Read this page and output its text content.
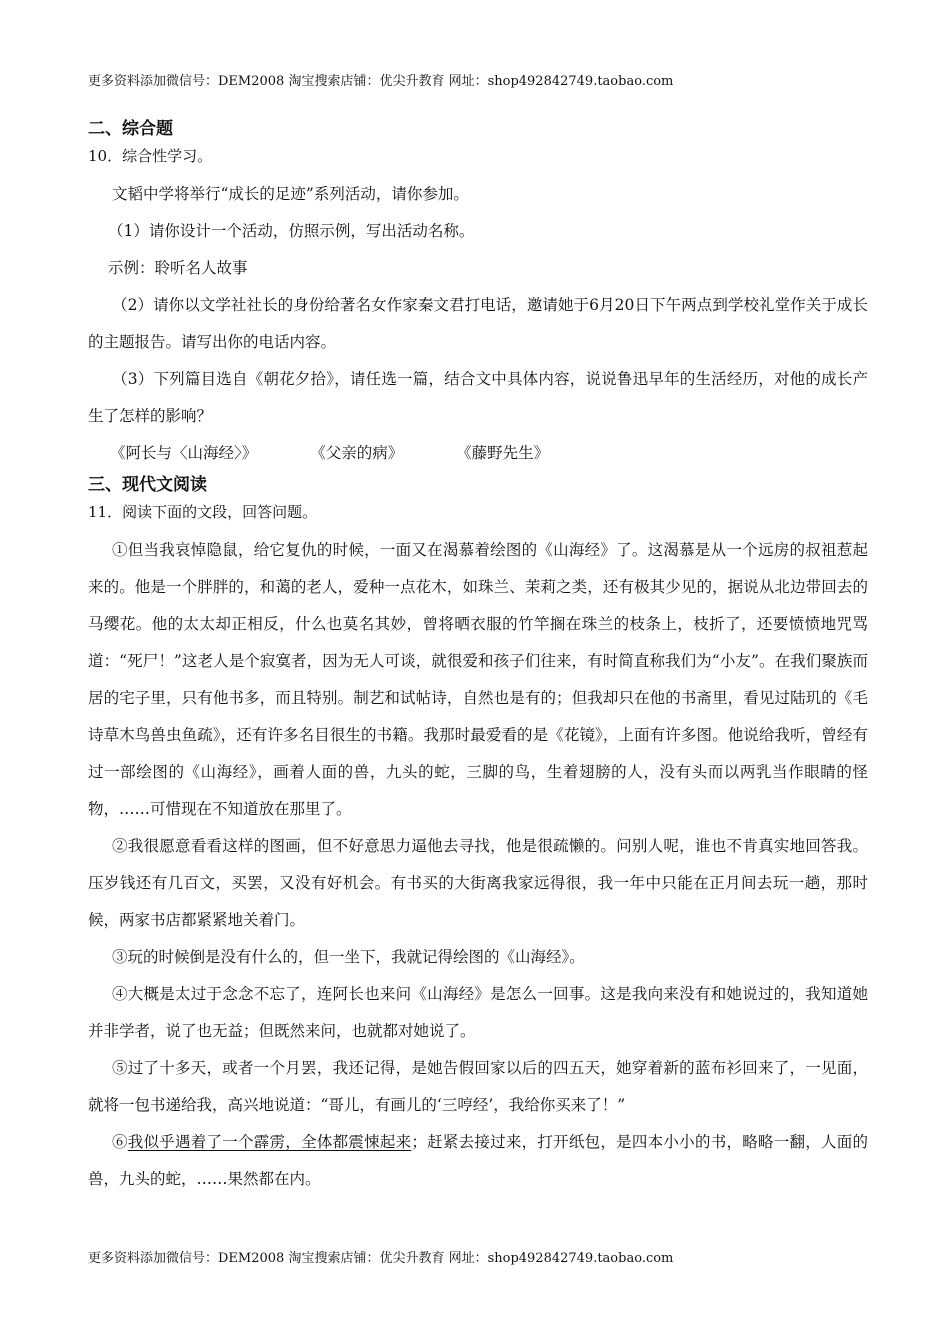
更多资料添加微信号：DEM2008 淘宝搜索店铺：优尖升教育 网址：shop492842749.taobao.com
二、综合题

10．综合性学习。

文韬中学将举行“成长的足迹”系列活动，请你参加。

（1）请你设计一个活动，仿照示例，写出活动名称。

示例：聆听名人故事

（2）请你以文学社社长的身份给著名女作家秦文君打电话，邀请她于6月20日下午两点到学校礼堂作关于成长的主题报告。请写出你的电话内容。

（3）下列篇目选自《朝花夕拾》，请任选一篇，结合文中具体内容，说说鲁迅早年的生活经历，对他的成长产生了怎样的影响？

《阿长与〈山海经〉》	《父亲的病》	《藤野先生》
三、现代文阅读

11．阅读下面的文段，回答问题。

①但当我哀悼隐鼠，给它复仇的时候，一面又在渴慕着绘图的《山海经》了。这渴慕是从一个远房的叔祖惹起来的。他是一个胖胖的，和蔼的老人，爱种一点花木，如珠兰、茉莉之类，还有极其少见的，据说从北边带回去的马缨花。他的太太却正相反，什么也莫名其妙，曾将晒衣服的竹竿搁在珠兰的枝条上，枝折了，还要愤愤地咒骂道：“死尸！”这老人是个寂寞者，因为无人可谈，就很爱和孩子们往来，有时简直称我们为“小友”。在我们聚族而居的宅子里，只有他书多，而且特别。制艺和试帖诗，自然也是有的；但我却只在他的书斋里，看见过陆玑的《毛诗草木鸟兽虫鱼疏》，还有许多名目很生的书籍。我那时最爱看的是《花镜》，上面有许多图。他说给我听，曾经有过一部绘图的《山海经》，画着人面的兽，九头的蛇，三脚的鸟，生着翅膀的人，没有头而以两乳当作眼睛的怪物，……可惜现在不知道放在那里了。

②我很愿意看看这样的图画，但不好意思力逼他去寻找，他是很疏懒的。问别人呢，谁也不肯真实地回答我。压岁钱还有几百文，买罢，又没有好机会。有书买的大街离我家远得很，我一年中只能在正月间去玩一趟，那时候，两家书店都紧紧地关着门。

③玩的时候倒是没有什么的，但一坐下，我就记得绘图的《山海经》。

④大概是太过于念念不忘了，连阿长也来问《山海经》是怎么一回事。这是我向来没有和她说过的，我知道她并非学者，说了也无益；但既然来问，也就都对她说了。

⑤过了十多天，或者一个月罢，我还记得，是她告假回家以后的四五天，她穿着新的蓝布衫回来了，一见面，就将一包书递给我，高兴地说道：“哥儿，有画儿的‘三哼经’，我给你买来了！”

⑥我似乎遇着了一个霹雳，全体都震悚起来；赶紧去接过来，打开纸包，是四本小小的书，略略一翻，人面的兽，九头的蛇，……果然都在内。

更多资料添加微信号：DEM2008 淘宝搜索店铺：优尖升教育 网址：shop492842749.taobao.com
